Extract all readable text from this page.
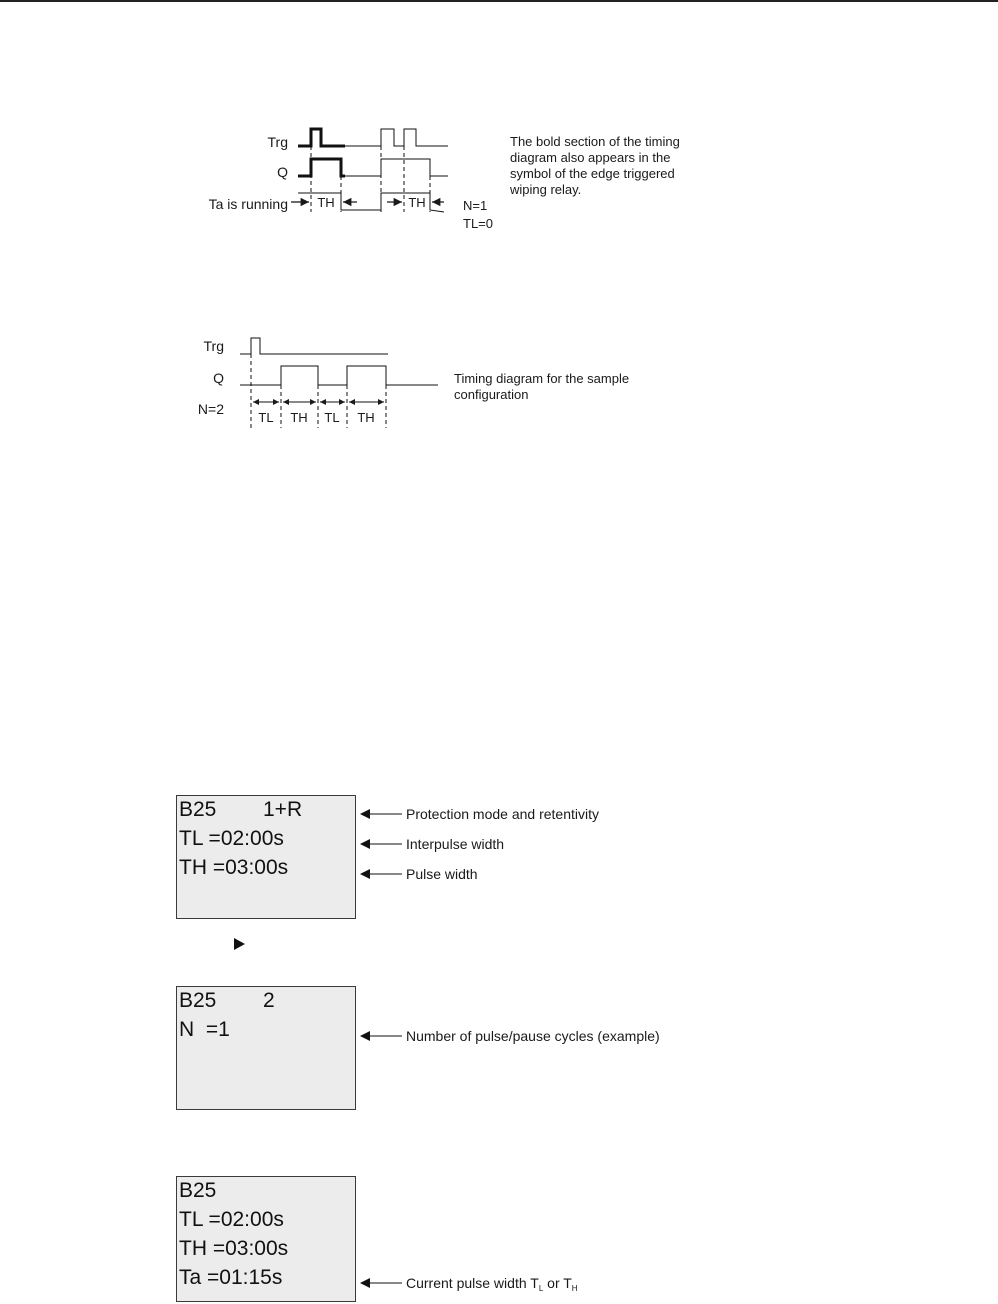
Trg
Q
Ta is running TH	TH	N=1
TL=0
The bold section of the timing diagram also appears in the symbol of the edge triggered wiping relay.
Trg
Q
N=2
TL TH TL TH
Timing diagram for the sample configuration
B25 1+R
TL =02:00s
TH =03:00s
Protection mode and retentivity
Interpulse width
Pulse width
B25 2
N  =1	Number of pulse/pause cycles (example)
B25
TL =02:00s
TH =03:00s
Ta =01:15s	Current pulse width $T_L$ or $T_H$
